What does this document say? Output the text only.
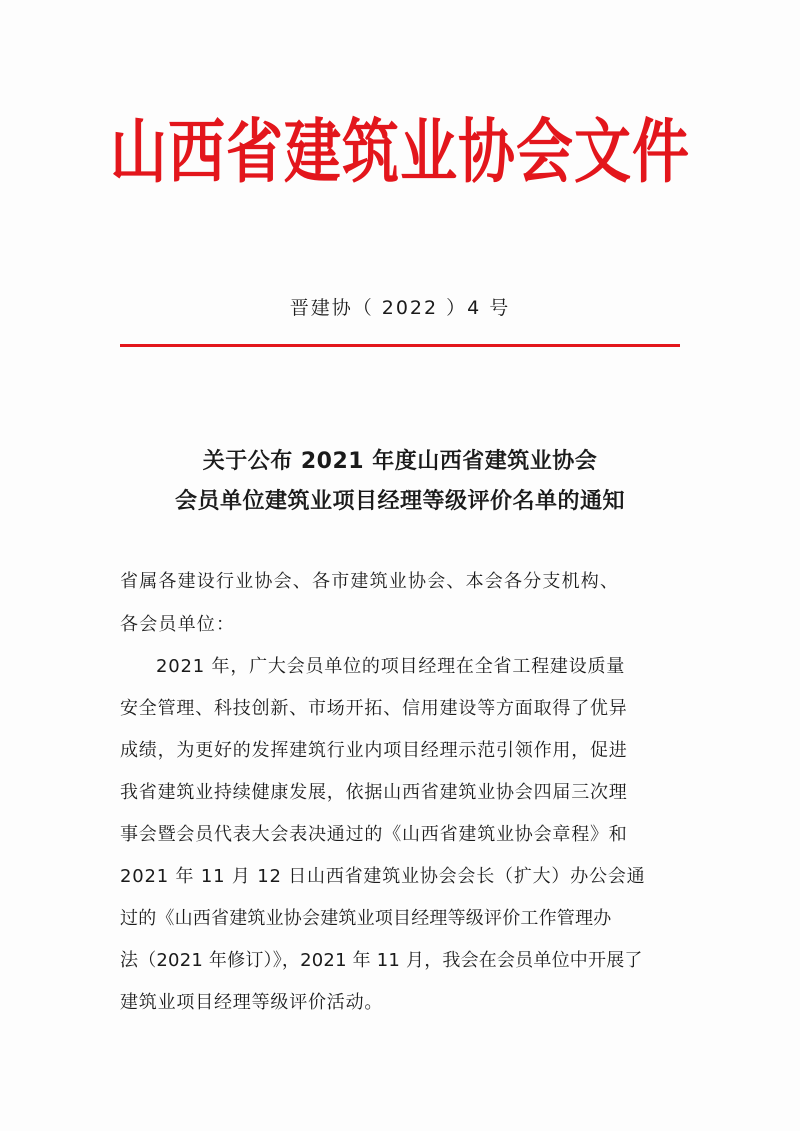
山西省建筑业协会文件
晋建协（ 2022 ）4 号
关于公布 2021 年度山西省建筑业协会
会员单位建筑业项目经理等级评价名单的通知
省属各建设行业协会、各市建筑业协会、本会各分支机构、
各会员单位：
2021 年，广大会员单位的项目经理在全省工程建设质量
安全管理、科技创新、市场开拓、信用建设等方面取得了优异
成绩，为更好的发挥建筑行业内项目经理示范引领作用，促进
我省建筑业持续健康发展，依据山西省建筑业协会四届三次理
事会暨会员代表大会表决通过的《山西省建筑业协会章程》和
2021 年 11 月 12 日山西省建筑业协会会长（扩大）办公会通
过的《山西省建筑业协会建筑业项目经理等级评价工作管理办
法（2021 年修订）》，2021 年 11 月，我会在会员单位中开展了
建筑业项目经理等级评价活动。
